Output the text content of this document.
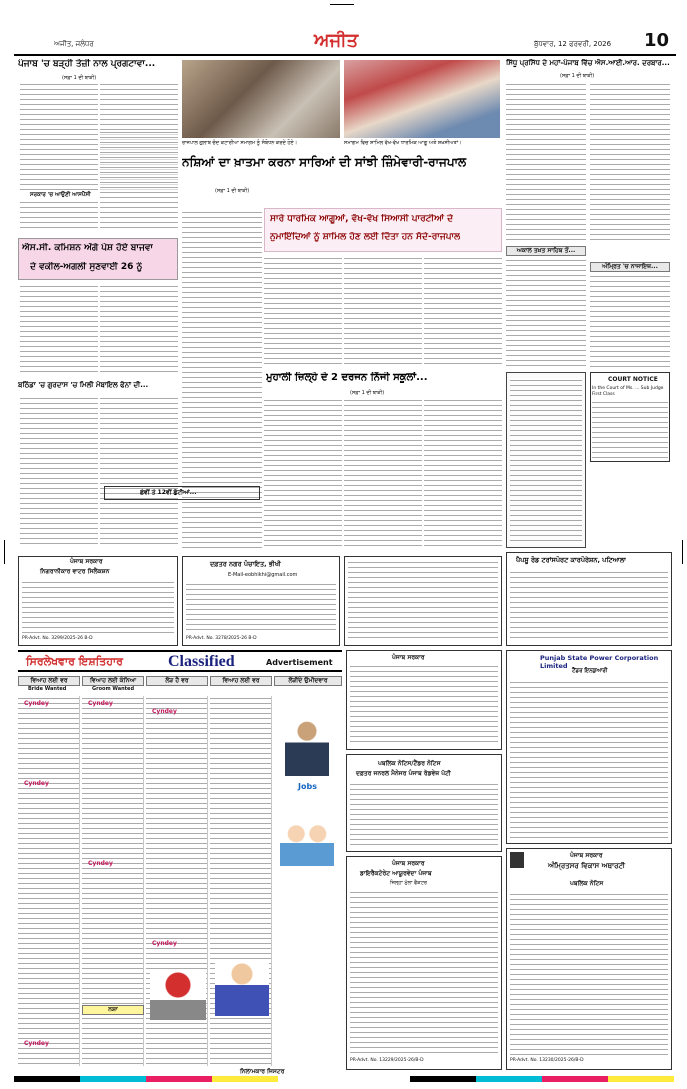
ਅਜੀਤ, ਜਲੰਧਰ	ਅਜੀਤ	ਬੁੱਧਵਾਰ, 12 ਫਰਵਰੀ, 2026 10
ਪੰਜਾਬ 'ਚ ਬੜ੍ਹੀ ਤੇਜ਼ੀ ਨਾਲ ਪ੍ਰਗਟਾਵਾ...
(ਸਫ਼ਾ 1 ਦੀ ਬਾਕੀ)
ਸਰਕਾਰ 'ਚ ਆਉਣੀ ਆਸਪੈਂਸੀ
ਐਸ.ਸੀ. ਕਮਿਸ਼ਨ ਅੱਗੇ ਪੇਸ਼ ਹੋਏ ਬਾਜਵਾ
ਦੇ ਵਕੀਲ-ਅਗਲੀ ਸੁਣਵਾਈ 26 ਨੂੰ
ਬਠਿੰਡਾ 'ਚ ਗੁਰਦਾਸ 'ਚ ਮਿਲੀ ਮੋਬਾਇਲ ਫੋਨਾਂ ਦੀ...
ਰਾਜਪਾਲ ਗੁਲਾਬ ਚੰਦ ਕਟਾਰੀਆ ਸਮਾਗਮ ਨੂੰ ਸੰਬੋਧਨ ਕਰਦੇ ਹੋਏ।	ਸਮਾਗਮ ਵਿਚ ਸ਼ਾਮਿਲ ਵੱਖ-ਵੱਖ ਧਾਰਮਿਕ ਆਗੂ ਅਤੇ ਸ਼ਖ਼ਸੀਅਤਾਂ।
ਨਸ਼ਿਆਂ ਦਾ ਖ਼ਾਤਮਾ ਕਰਨਾ ਸਾਰਿਆਂ ਦੀ ਸਾਂਝੀ ਜ਼ਿੰਮੇਵਾਰੀ-ਰਾਜਪਾਲ
(ਸਫ਼ਾ 1 ਦੀ ਬਾਕੀ)
ਸਾਰੇ ਧਾਰਮਿਕ ਆਗੂਆਂ, ਵੱਖ-ਵੱਖ ਸਿਆਸੀ ਪਾਰਟੀਆਂ ਦੇ
ਨੁਮਾਇੰਦਿਆਂ ਨੂੰ ਸ਼ਾਮਿਲ ਹੋਣ ਲਈ ਦਿੱਤਾ ਹਨ ਸੱਦੇ-ਰਾਜਪਾਲ
ਮੁਹਾਲੀ ਜ਼ਿਲ੍ਹੇ ਦੇ 2 ਦਰਜਨ ਨਿੱਜੀ ਸਕੂਲਾਂ...
(ਸਫ਼ਾ 1 ਦੀ ਬਾਕੀ)
ਛੇਵੀਂ ਤੇ 12ਵੀਂ ਛੁੱਟੀਆਂ...
ਸਿੱਧੂ ਪ੍ਰਸਿੱਧ ਦੇ ਮਹਾਂ-ਪੰਜਾਬ ਵਿੱਚ ਐਸ.ਆਈ.ਆਰ. ਦਰਬਾਰ...
(ਸਫ਼ਾ 1 ਦੀ ਬਾਕੀ)
ਅਕਾਲ ਤਖ਼ਤ ਸਾਹਿਬ ਤੋਂ...
ਅੰਮ੍ਰਿਤ 'ਚ ਨਾਜਾਇਜ਼...
COURT NOTICE
In the Court of Ms. ... Sub Judge First Class
ਪੈਪਸੂ ਰੋਡ ਟਰਾਂਸਪੋਰਟ ਕਾਰਪੋਰੇਸ਼ਨ, ਪਟਿਆਲਾ
ਪੰਜਾਬ ਸਰਕਾਰ
ਨਿਗਰਾਨੀਕਾਰ ਵਾਟਰ ਸਿਲੈਕਸ਼ਨ
PR-Advt. No. 3299/2025-26 B-D
ਦਫ਼ਤਰ ਨਗਰ ਪੰਚਾਇਤ, ਭੀਖੀ
E-Mail-eobhikhi@gmail.com
PR-Advt. No. 3278/2025-26 B-D
ਸਿਰਲੇਖਵਾਰ ਇਸ਼ਤਿਹਾਰ	Classified	Advertisement
ਵਿਆਹ ਲਈ ਵਰ
Bride Wanted
ਵਿਆਹ ਲਈ ਕੰਨਿਆ
Groom Wanted
ਲੋੜ ਹੈ ਵਰ	ਵਿਆਹ ਲਈ ਵਰ	ਲੋੜੀਂਦੇ ਉਮੀਦਵਾਰ
Cyndey	Cyndey
Cyndey
Cyndey
Cyndey
Cyndey
Cyndey
Jobs
ਨਸ਼ਾ
ਨਿਲਾਮਕਾਰ ਜਿਸਟਰ
ਪੰਜਾਬ ਸਰਕਾਰ
ਪਬਲਿਕ ਨੋਟਿਸ/ਟੈਂਡਰ ਨੋਟਿਸ
ਦਫ਼ਤਰ ਜਨਰਲ ਮੈਨੇਜਰ ਪੰਜਾਬ ਰੋਡਵੇਜ਼ ਪੱਟੀ
ਪੰਜਾਬ ਸਰਕਾਰ
ਡਾਇਰੈਕਟੋਰੇਟ ਆਯੂਰਵੇਦਾ ਪੰਜਾਬ
ਜ਼ਿਲ੍ਹਾ ਮੁੱਲਾ ਫੈਕਟਰ
PR-Advt. No. 13229/2025-26/B-D
Punjab State Power Corporation Limited
ਟੈਂਡਰ ਇਨਕੁਆਰੀ
ਪੰਜਾਬ ਸਰਕਾਰ
ਅੰਮ੍ਰਿਤਸਰ ਵਿਕਾਸ ਅਥਾਰਟੀ
ਪਬਲਿਕ ਨੋਟਿਸ
PR-Advt. No. 13230/2025-26/B-D
